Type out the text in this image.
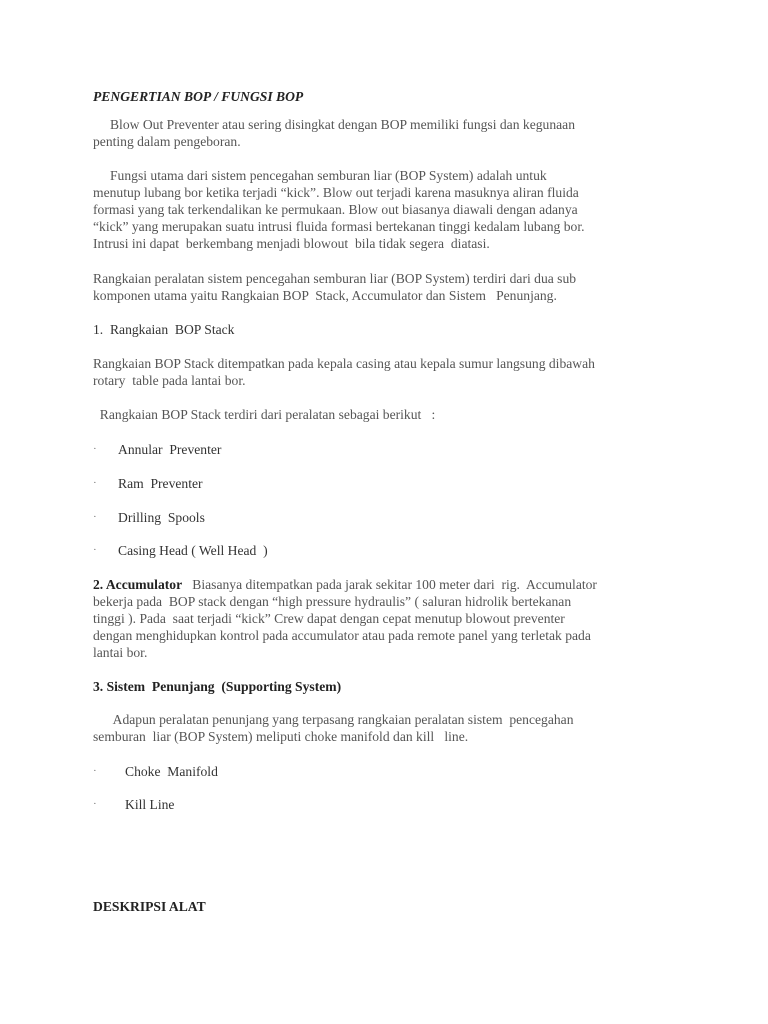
PENGERTIAN BOP / FUNGSI BOP
Blow Out Preventer atau sering disingkat dengan BOP memiliki fungsi dan kegunaan
penting dalam pengeboran.
Fungsi utama dari sistem pencegahan semburan liar (BOP System) adalah untuk
menutup lubang bor ketika terjadi “kick”. Blow out terjadi karena masuknya aliran fluida
formasi yang tak terkendalikan ke permukaan. Blow out biasanya diawali dengan adanya
“kick” yang merupakan suatu intrusi fluida formasi bertekanan tinggi kedalam lubang bor.
Intrusi ini dapat  berkembang menjadi blowout  bila tidak segera  diatasi.
Rangkaian peralatan sistem pencegahan semburan liar (BOP System) terdiri dari dua sub
komponen utama yaitu Rangkaian BOP  Stack, Accumulator dan Sistem   Penunjang.
1.  Rangkaian  BOP Stack
Rangkaian BOP Stack ditempatkan pada kepala casing atau kepala sumur langsung dibawah
rotary  table pada lantai bor.
Rangkaian BOP Stack terdiri dari peralatan sebagai berikut   :
· Annular  Preventer
· Ram  Preventer
· Drilling  Spools
· Casing Head ( Well Head  )
2. Accumulator   Biasanya ditempatkan pada jarak sekitar 100 meter dari  rig.  Accumulator
bekerja pada  BOP stack dengan “high pressure hydraulis” ( saluran hidrolik bertekanan
tinggi ). Pada  saat terjadi “kick” Crew dapat dengan cepat menutup blowout preventer
dengan menghidupkan kontrol pada accumulator atau pada remote panel yang terletak pada
lantai bor.
3. Sistem  Penunjang  (Supporting System)
Adapun peralatan penunjang yang terpasang rangkaian peralatan sistem  pencegahan
semburan  liar (BOP System) meliputi choke manifold dan kill   line.
· Choke  Manifold
· Kill Line
DESKRIPSI ALAT
